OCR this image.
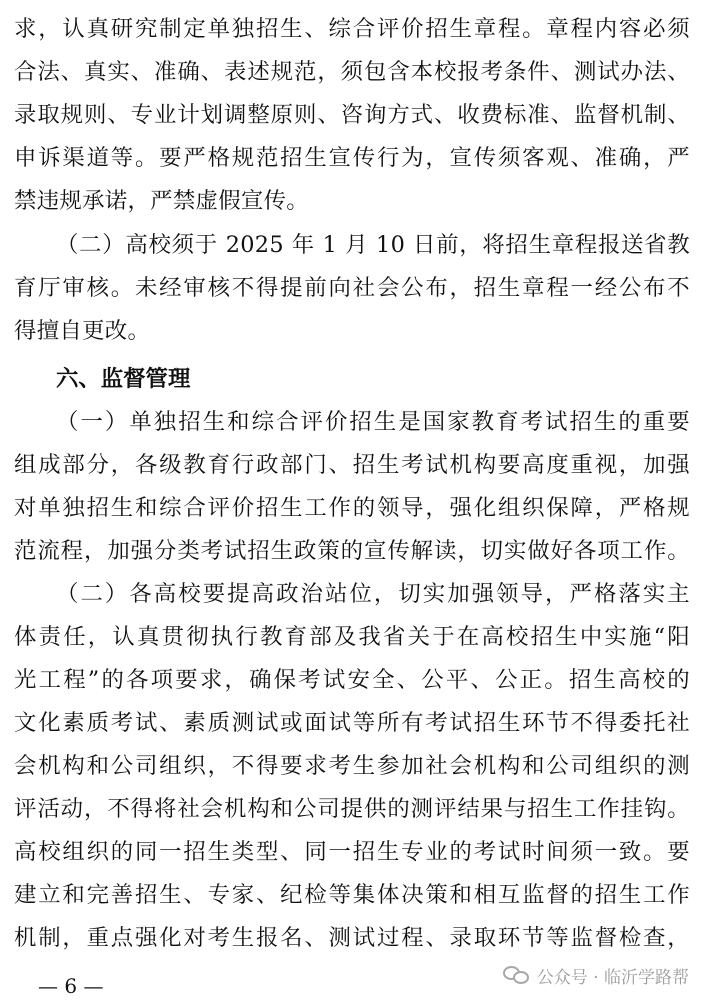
求，认真研究制定单独招生、综合评价招生章程。章程内容必须
合法、真实、准确、表述规范，须包含本校报考条件、测试办法、
录取规则、专业计划调整原则、咨询方式、收费标准、监督机制、
申诉渠道等。要严格规范招生宣传行为，宣传须客观、准确，严
禁违规承诺，严禁虚假宣传。
（二）高校须于 2025 年 1 月 10 日前，将招生章程报送省教
育厅审核。未经审核不得提前向社会公布，招生章程一经公布不
得擅自更改。
六、监督管理
（一）单独招生和综合评价招生是国家教育考试招生的重要
组成部分，各级教育行政部门、招生考试机构要高度重视，加强
对单独招生和综合评价招生工作的领导，强化组织保障，严格规
范流程，加强分类考试招生政策的宣传解读，切实做好各项工作。
（二）各高校要提高政治站位，切实加强领导，严格落实主
体责任，认真贯彻执行教育部及我省关于在高校招生中实施“阳
光工程”的各项要求，确保考试安全、公平、公正。招生高校的
文化素质考试、素质测试或面试等所有考试招生环节不得委托社
会机构和公司组织，不得要求考生参加社会机构和公司组织的测
评活动，不得将社会机构和公司提供的测评结果与招生工作挂钩。
高校组织的同一招生类型、同一招生专业的考试时间须一致。要
建立和完善招生、专家、纪检等集体决策和相互监督的招生工作
机制，重点强化对考生报名、测试过程、录取环节等监督检查，
— 6 —	公众号 · 临沂学路帮
